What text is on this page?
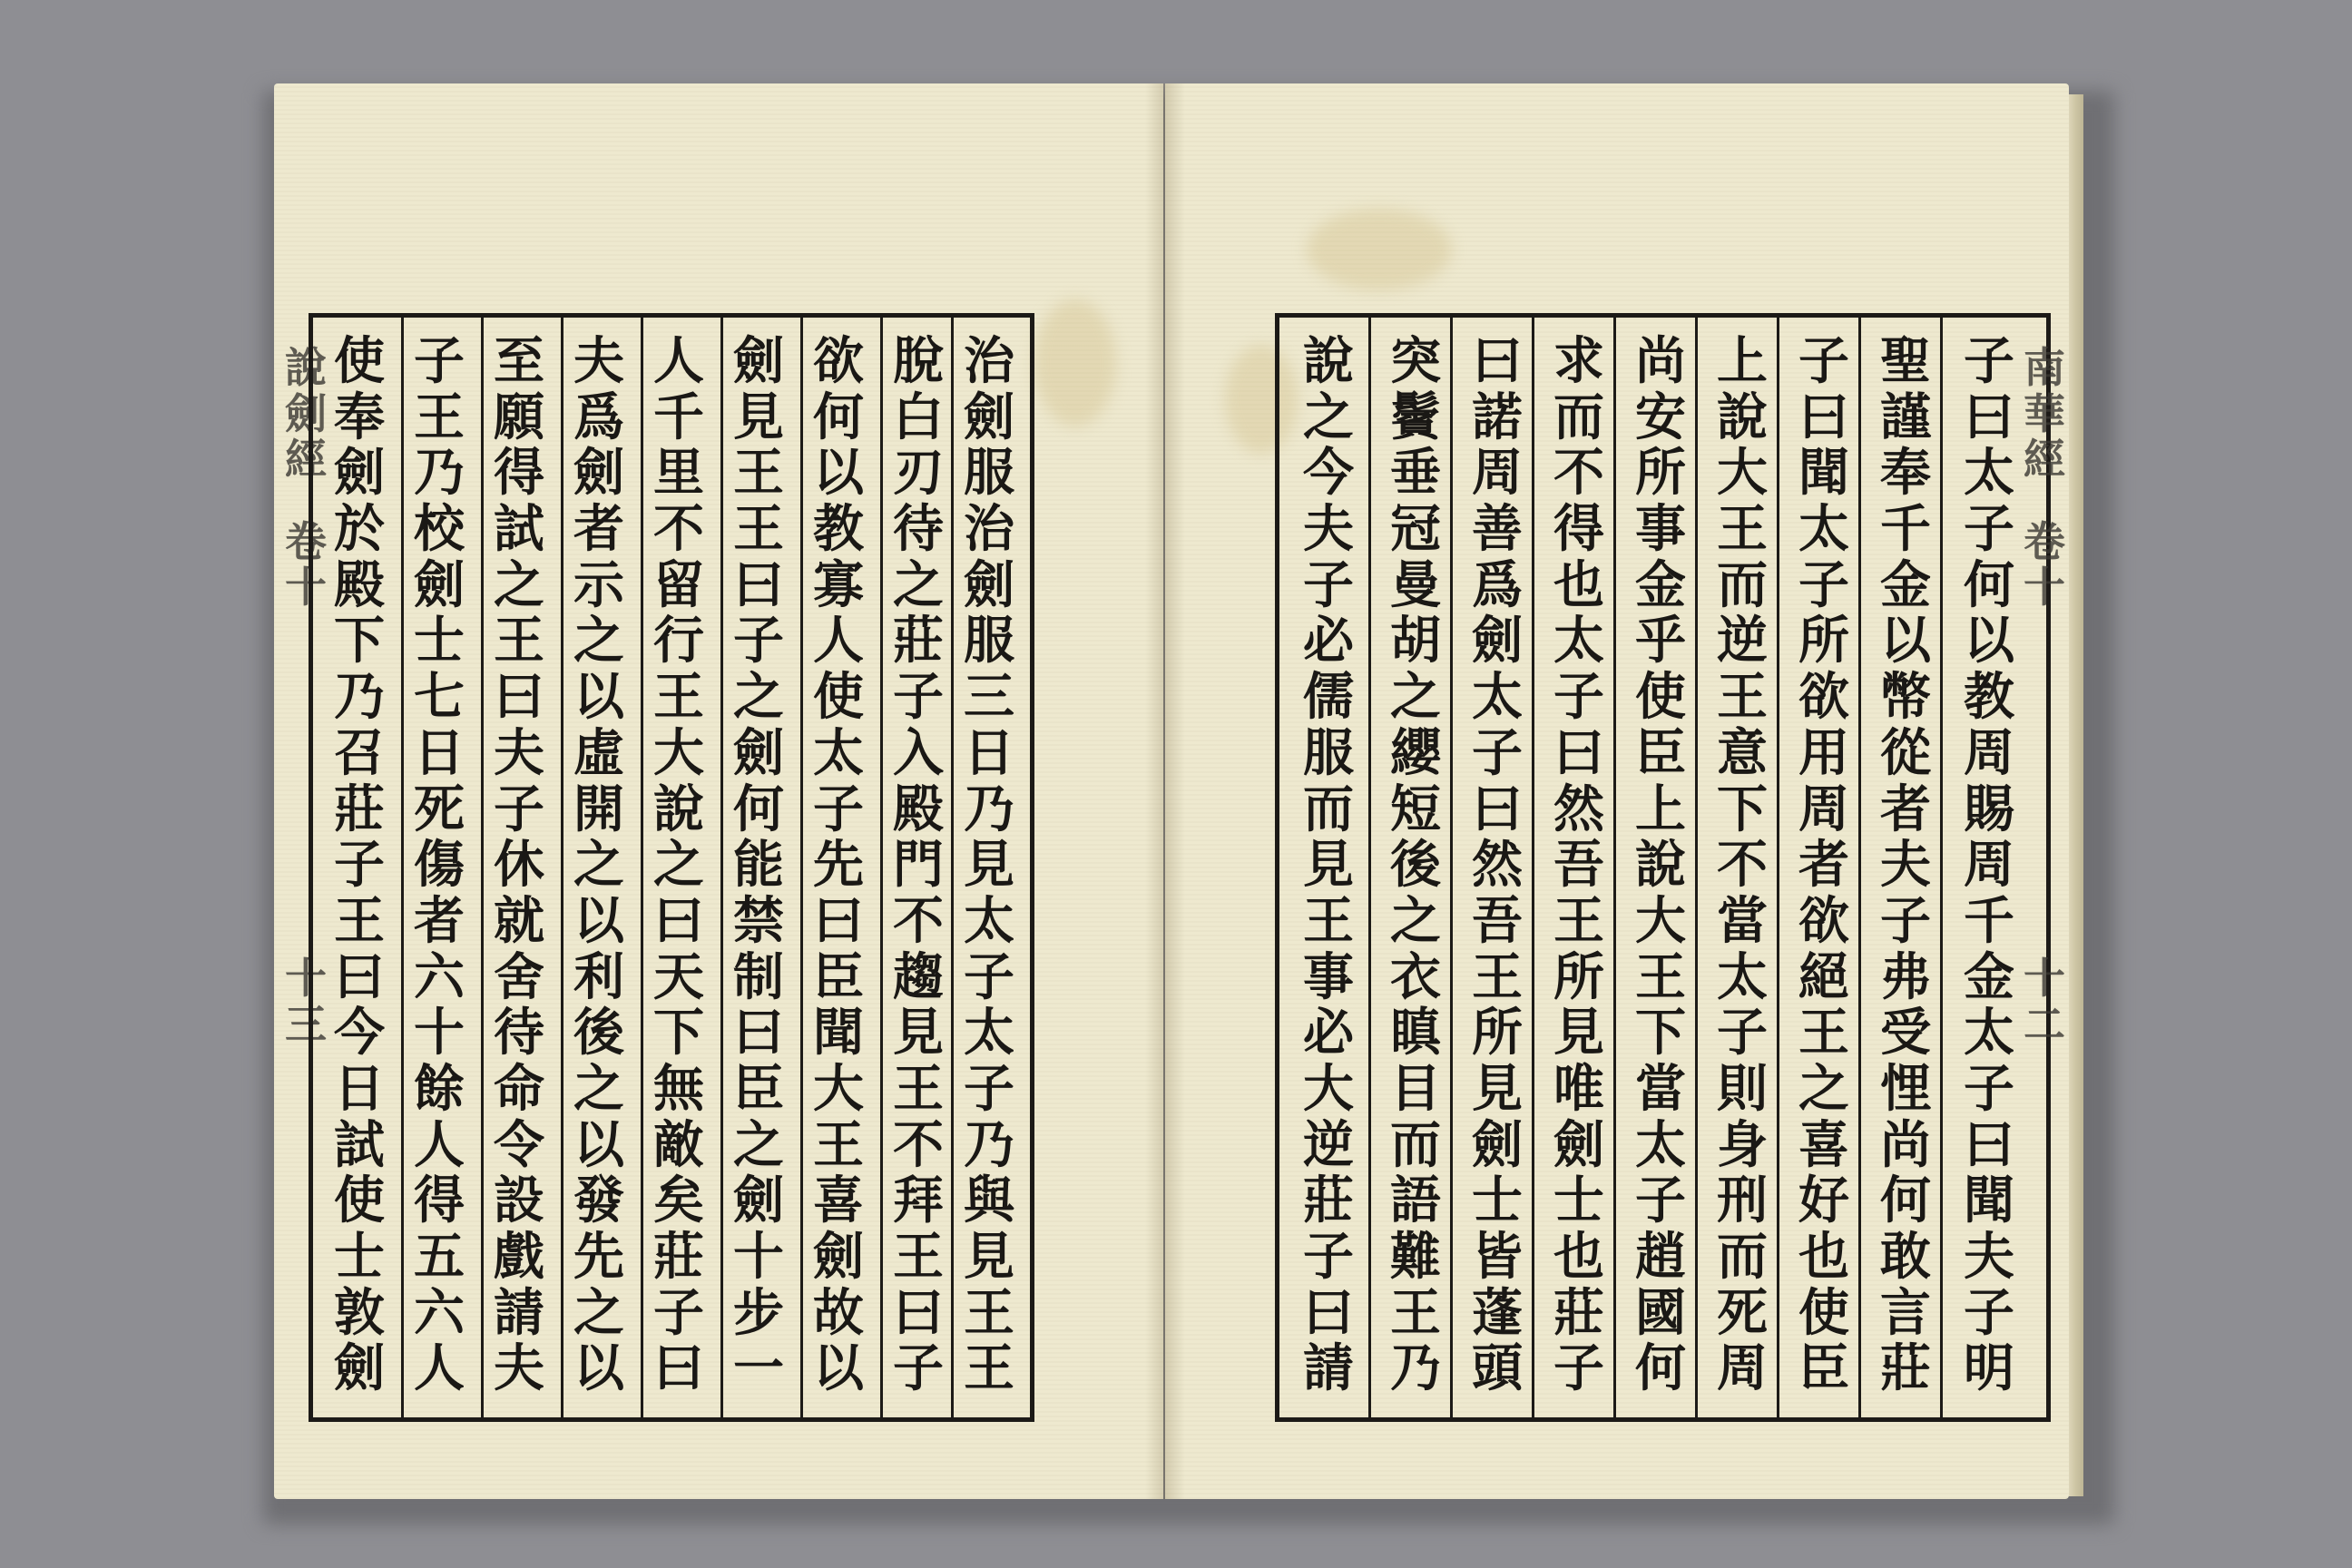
說
劍
經
卷
十
十
三
治
劍
服
治
劍
服
三
日
乃
見
太
子
太
子
乃
與
見
王
王
脫
白
刃
待
之
莊
子
入
殿
門
不
趨
見
王
不
拜
王
曰
子
欲
何
以
教
寡
人
使
太
子
先
曰
臣
聞
大
王
喜
劍
故
以
劍
見
王
王
曰
子
之
劍
何
能
禁
制
曰
臣
之
劍
十
步
一
人
千
里
不
留
行
王
大
說
之
曰
天
下
無
敵
矣
莊
子
曰
夫
爲
劍
者
示
之
以
虛
開
之
以
利
後
之
以
發
先
之
以
至
願
得
試
之
王
曰
夫
子
休
就
舍
待
命
令
設
戲
請
夫
子
王
乃
校
劍
士
七
日
死
傷
者
六
十
餘
人
得
五
六
人
使
奉
劍
於
殿
下
乃
召
莊
子
王
曰
今
日
試
使
士
敦
劍
子
曰
太
子
何
以
教
周
賜
周
千
金
太
子
曰
聞
夫
子
明
聖
謹
奉
千
金
以
幣
從
者
夫
子
弗
受
悝
尚
何
敢
言
莊
子
曰
聞
太
子
所
欲
用
周
者
欲
絕
王
之
喜
好
也
使
臣
上
說
大
王
而
逆
王
意
下
不
當
太
子
則
身
刑
而
死
周
尚
安
所
事
金
乎
使
臣
上
說
大
王
下
當
太
子
趙
國
何
求
而
不
得
也
太
子
曰
然
吾
王
所
見
唯
劍
士
也
莊
子
曰
諾
周
善
爲
劍
太
子
曰
然
吾
王
所
見
劍
士
皆
蓬
頭
突
鬢
垂
冠
曼
胡
之
纓
短
後
之
衣
瞋
目
而
語
難
王
乃
說
之
今
夫
子
必
儒
服
而
見
王
事
必
大
逆
莊
子
曰
請
南
華
經
卷
十
十
二
